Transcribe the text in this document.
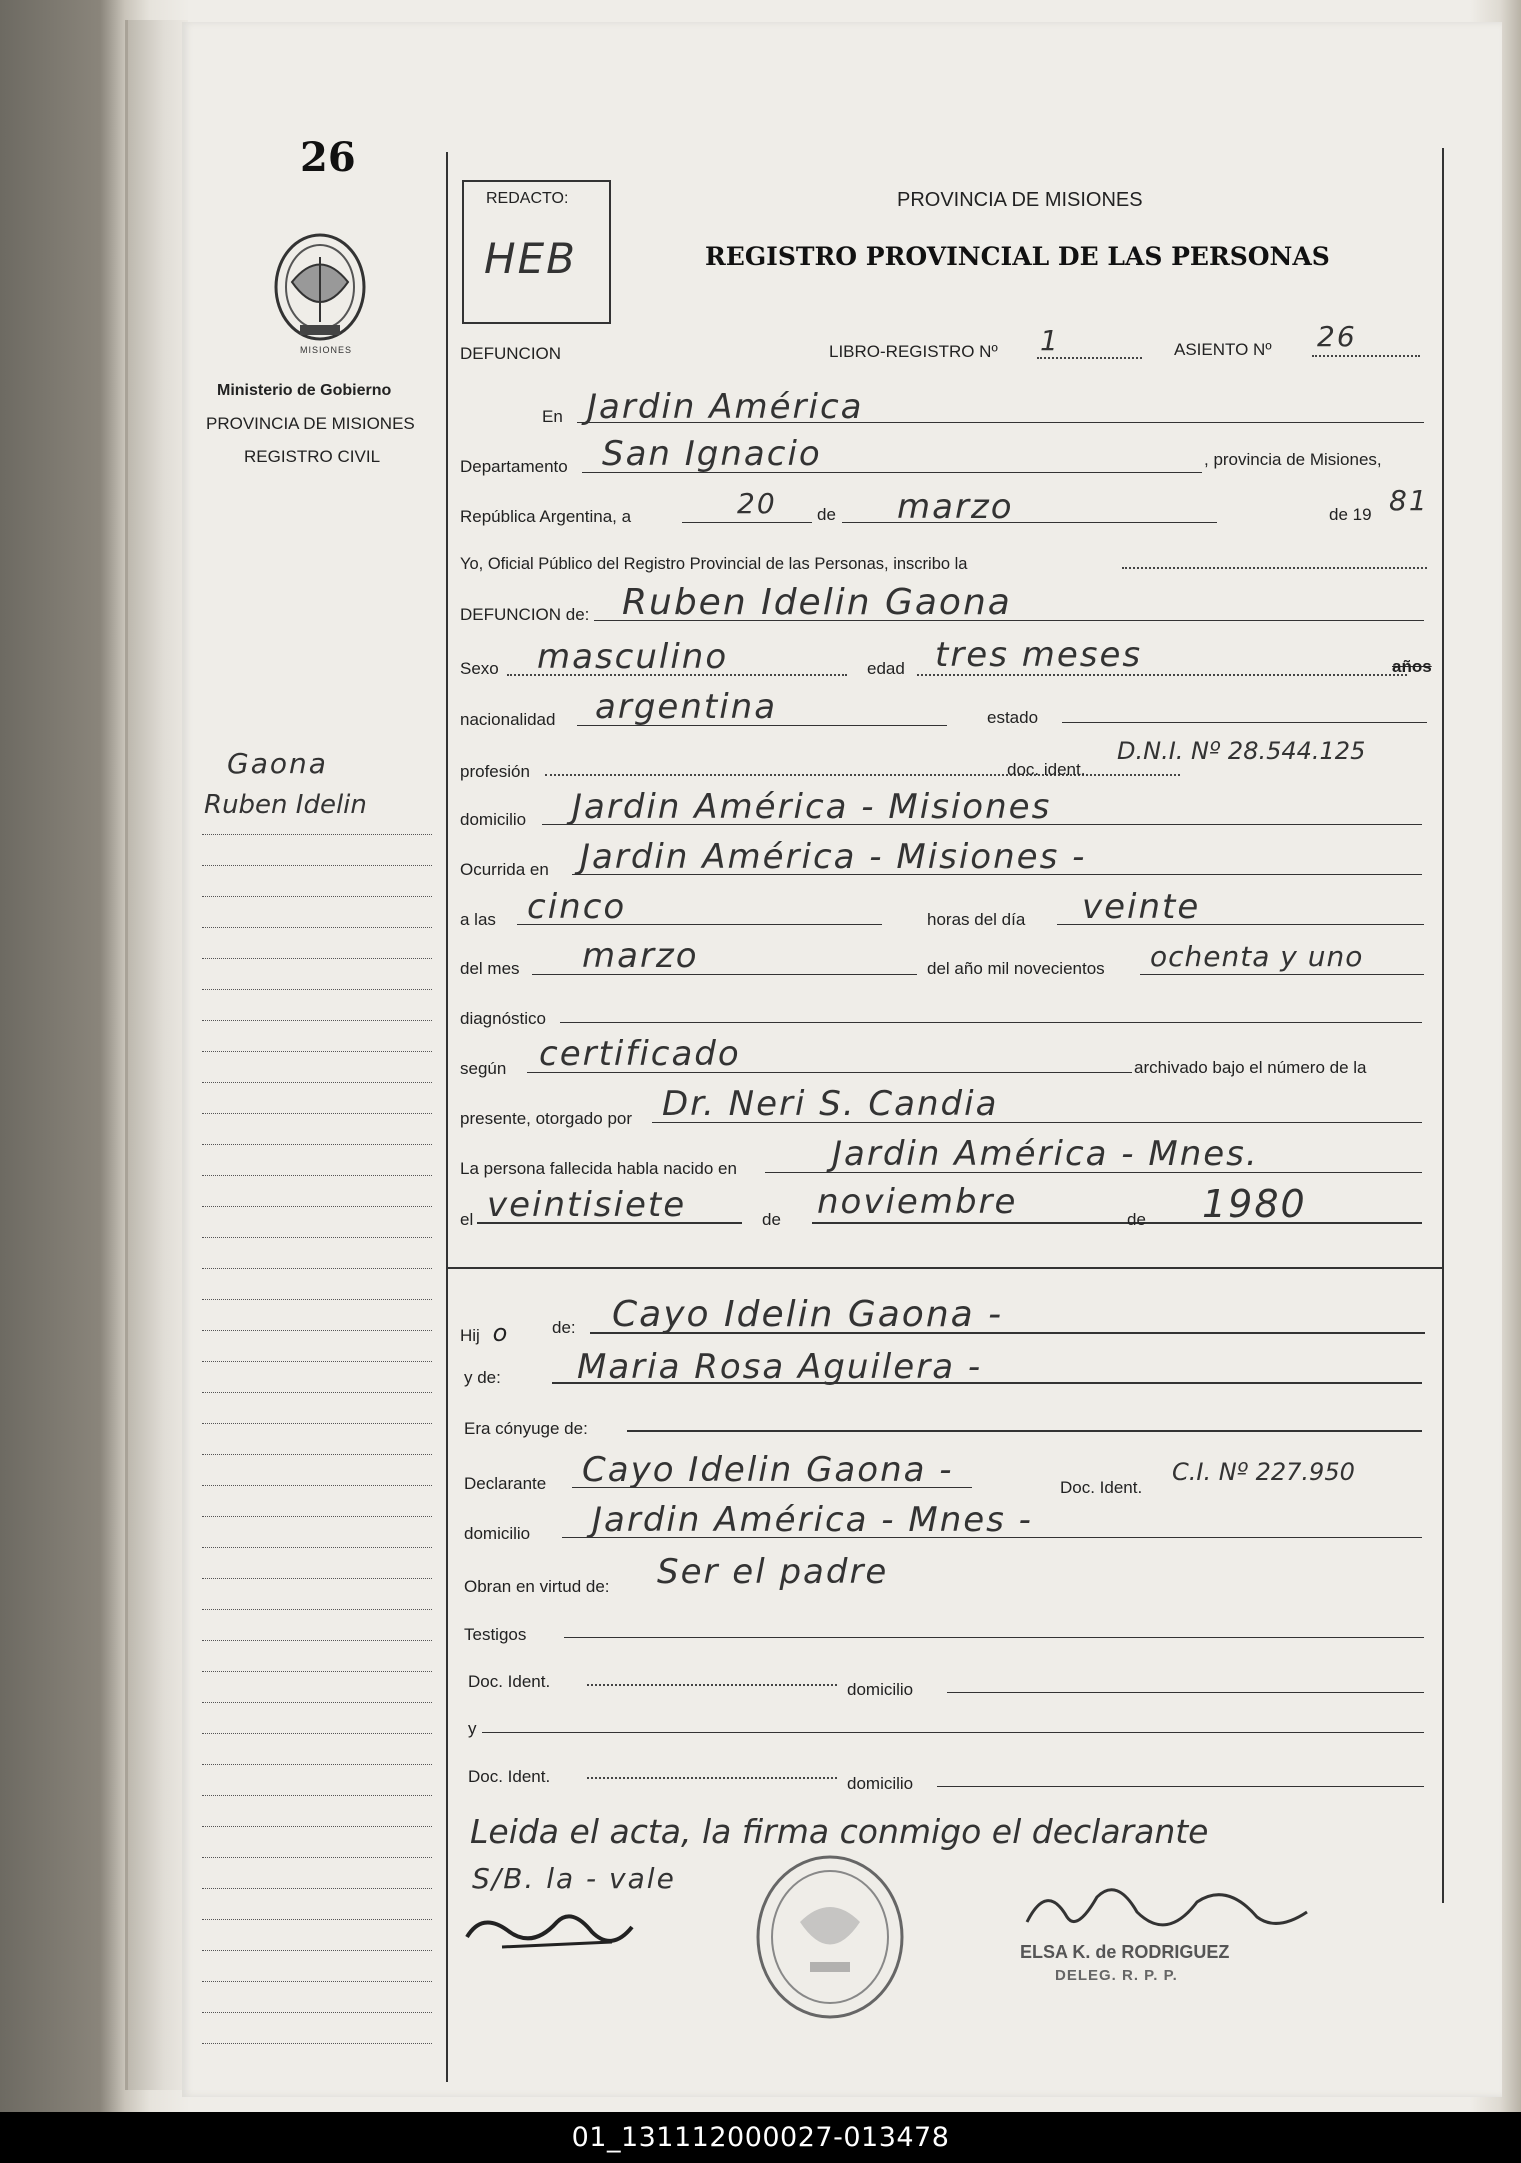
26
MISIONES
Ministerio de Gobierno
PROVINCIA DE MISIONES
REGISTRO CIVIL
Gaona
Ruben Idelin
REDACTO:
HEB
PROVINCIA DE MISIONES
REGISTRO PROVINCIAL DE LAS PERSONAS
DEFUNCION	LIBRO-REGISTRO Nº 1	ASIENTO Nº 26
En Jardin América
Departamento San Ignacio	, provincia de Misiones,
República Argentina, a	20 de marzo	de 19 81
Yo, Oficial Público del Registro Provincial de las Personas, inscribo la
DEFUNCION de: Ruben Idelin Gaona
Sexo masculino	edad tres meses	años
nacionalidad argentina	estado
profesión	doc. ident.
D.N.I. Nº 28.544.125
domicilio Jardin América - Misiones
Ocurrida en Jardin América - Misiones -
a las cinco	horas del día veinte
del mes marzo	del año mil novecientos ochenta y uno
diagnóstico
según certificado	archivado bajo el número de la
presente, otorgado por Dr. Neri S. Candia
La persona fallecida habla nacido en	Jardin América - Mnes.
el veintisiete	de noviembre	de 1980
Hij o	de: Cayo Idelin Gaona -
y de: Maria Rosa Aguilera -
Era cónyuge de:
Declarante Cayo Idelin Gaona -	Doc. Ident.
C.I. Nº 227.950
domicilio Jardin América - Mnes -
Obran en virtud de: Ser el padre
Testigos
Doc. Ident.	domicilio
y
Doc. Ident.	domicilio
Leida el acta, la firma conmigo el declarante
S/B. la - vale
ELSA K. de RODRIGUEZ
DELEG. R. P. P.
01_131112000027-013478
